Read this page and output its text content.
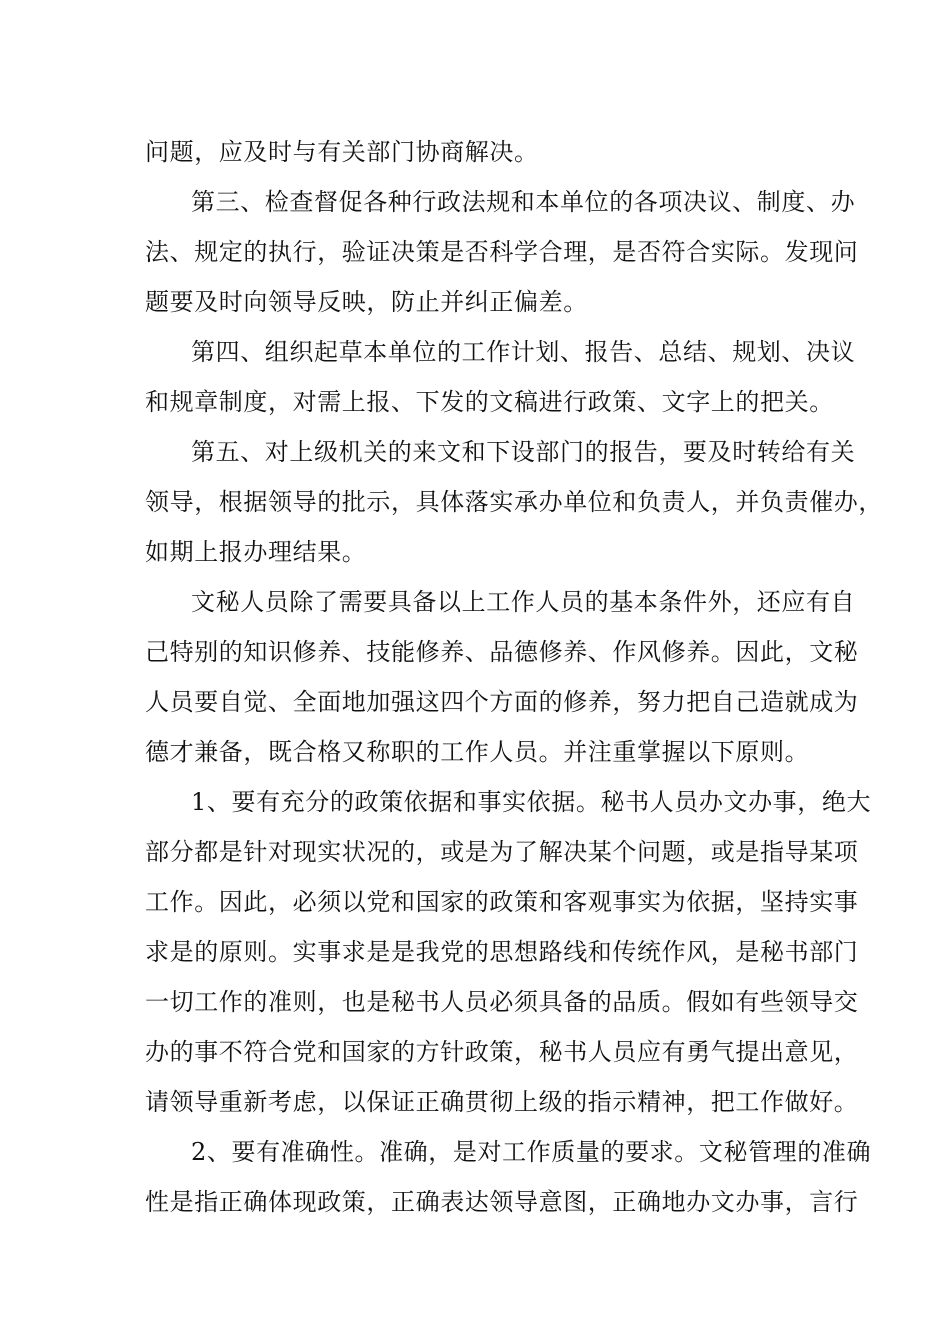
问题，应及时与有关部门协商解决。

第三、检查督促各种行政法规和本单位的各项决议、制度、办

法、规定的执行，验证决策是否科学合理，是否符合实际。发现问

题要及时向领导反映，防止并纠正偏差。

第四、组织起草本单位的工作计划、报告、总结、规划、决议

和规章制度，对需上报、下发的文稿进行政策、文字上的把关。

第五、对上级机关的来文和下设部门的报告，要及时转给有关

领导，根据领导的批示，具体落实承办单位和负责人，并负责催办，

如期上报办理结果。

文秘人员除了需要具备以上工作人员的基本条件外，还应有自

己特别的知识修养、技能修养、品德修养、作风修养。因此，文秘

人员要自觉、全面地加强这四个方面的修养，努力把自己造就成为

德才兼备，既合格又称职的工作人员。并注重掌握以下原则。

1、要有充分的政策依据和事实依据。秘书人员办文办事，绝大

部分都是针对现实状况的，或是为了解决某个问题，或是指导某项

工作。因此，必须以党和国家的政策和客观事实为依据，坚持实事

求是的原则。实事求是是我党的思想路线和传统作风，是秘书部门

一切工作的准则，也是秘书人员必须具备的品质。假如有些领导交

办的事不符合党和国家的方针政策，秘书人员应有勇气提出意见，

请领导重新考虑，以保证正确贯彻上级的指示精神，把工作做好。

2、要有准确性。准确，是对工作质量的要求。文秘管理的准确

性是指正确体现政策，正确表达领导意图，正确地办文办事，言行
